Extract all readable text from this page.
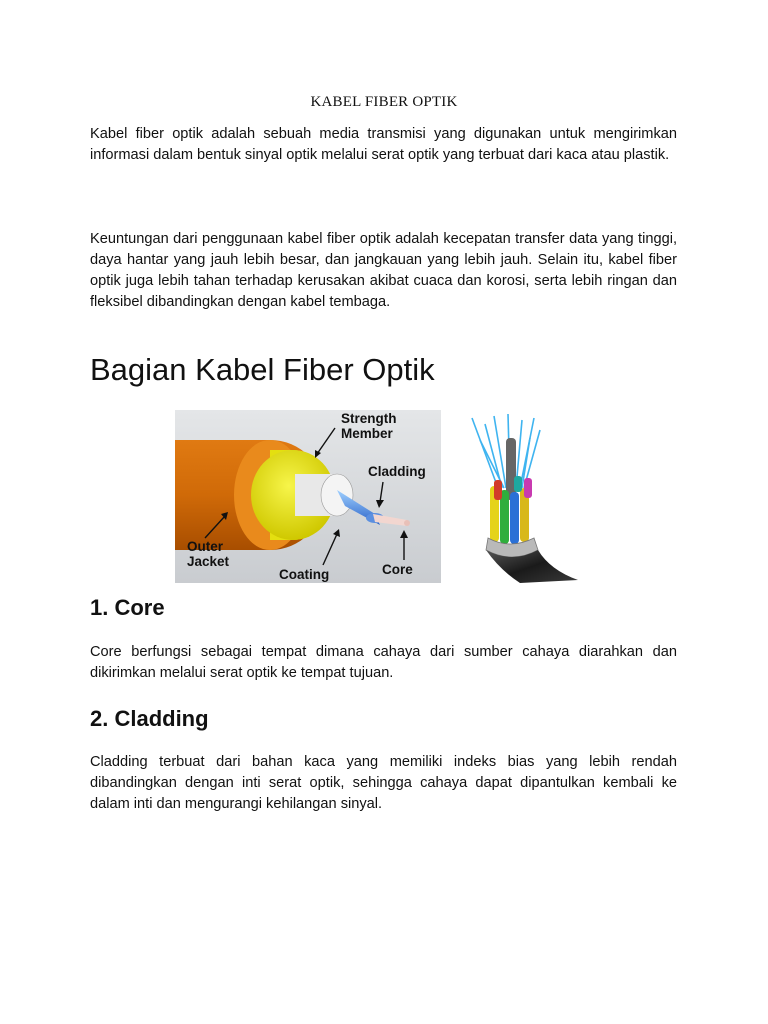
KABEL FIBER OPTIK

Kabel fiber optik adalah sebuah media transmisi yang digunakan untuk mengirimkan informasi dalam bentuk sinyal optik melalui serat optik yang terbuat dari kaca atau plastik.

Keuntungan dari penggunaan kabel fiber optik adalah kecepatan transfer data yang tinggi, daya hantar yang jauh lebih besar, dan jangkauan yang lebih jauh. Selain itu, kabel fiber optik juga lebih tahan terhadap kerusakan akibat cuaca dan korosi, serta lebih ringan dan fleksibel dibandingkan dengan kabel tembaga.

Bagian Kabel Fiber Optik
Strength
Member
Cladding
Outer
Jacket
Coating	Core
1. Core

Core berfungsi sebagai tempat dimana cahaya dari sumber cahaya diarahkan dan dikirimkan melalui serat optik ke tempat tujuan.

2. Cladding

Cladding terbuat dari bahan kaca yang memiliki indeks bias yang lebih rendah dibandingkan dengan inti serat optik, sehingga cahaya dapat dipantulkan kembali ke dalam inti dan mengurangi kehilangan sinyal.
